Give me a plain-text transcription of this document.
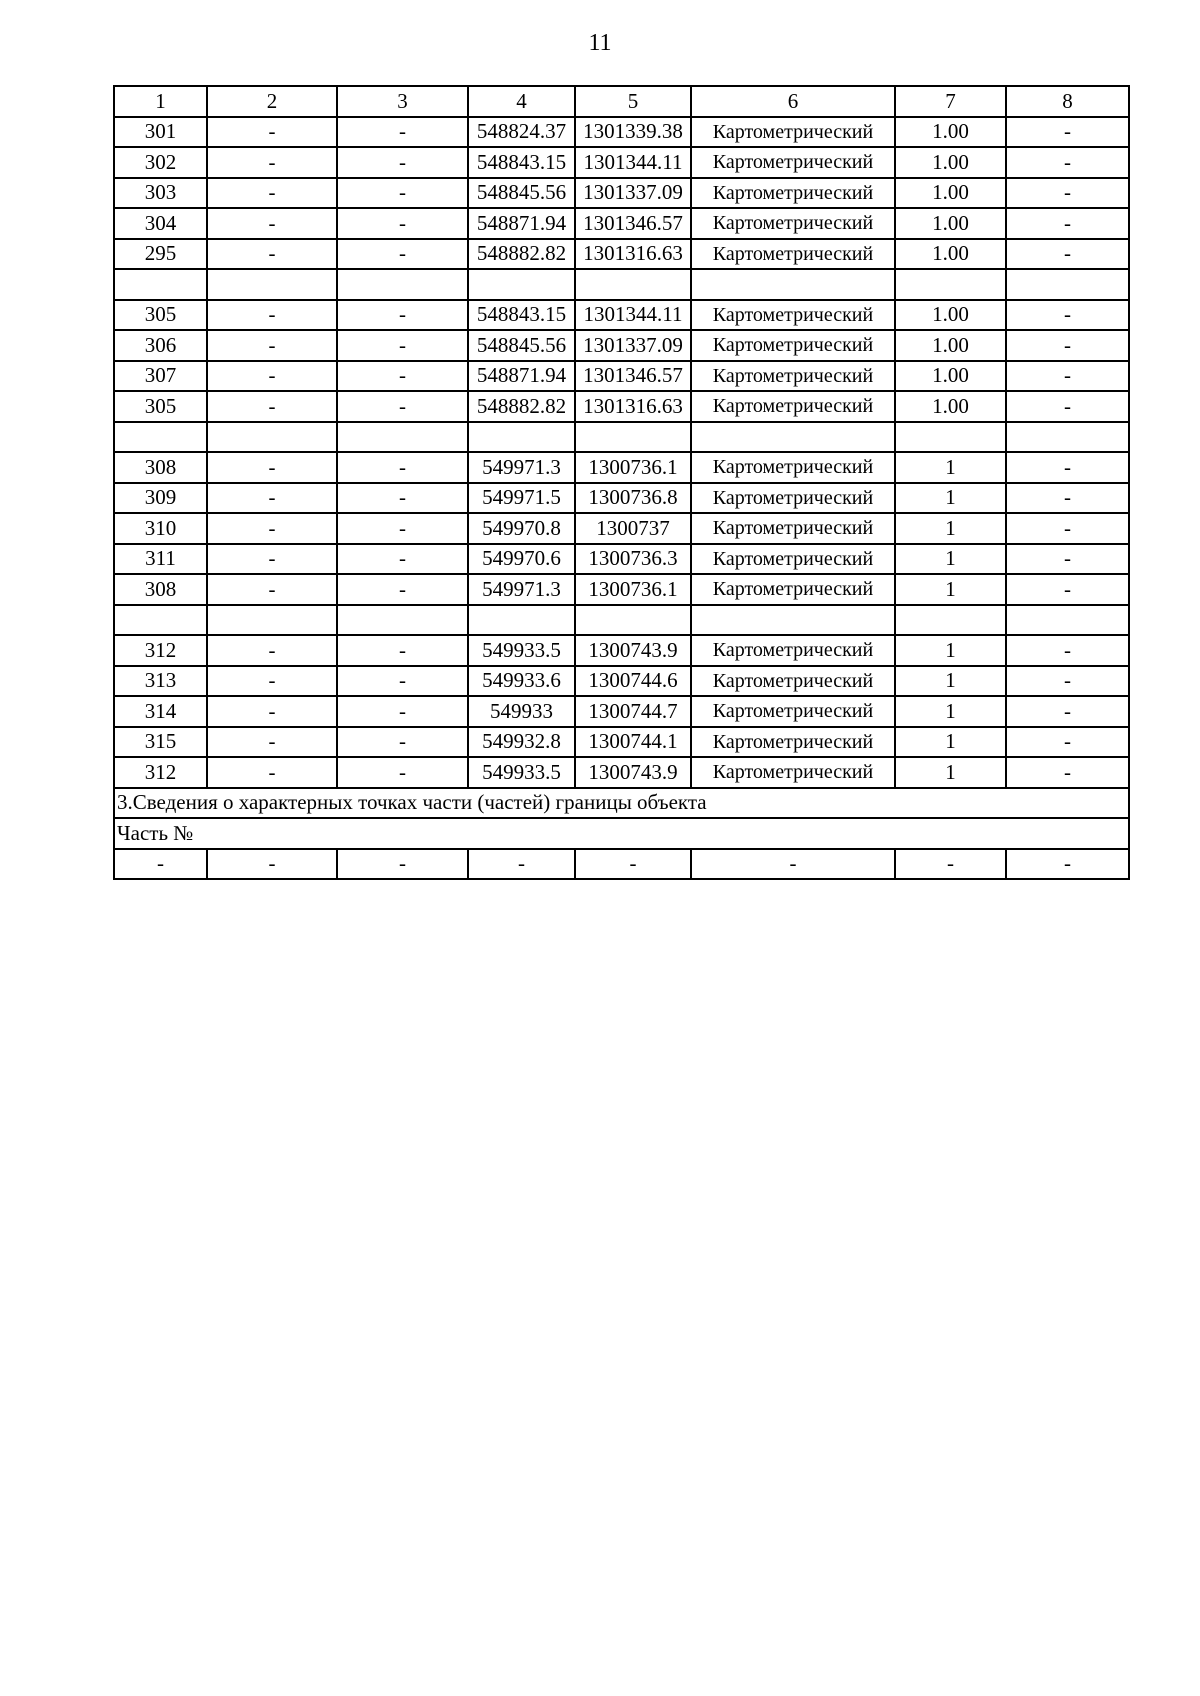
11
1	2	3	4	5	6	7	8
301	-	-	548824.37	1301339.38	Картометрический	1.00	-
302	-	-	548843.15	1301344.11	Картометрический	1.00	-
303	-	-	548845.56	1301337.09	Картометрический	1.00	-
304	-	-	548871.94	1301346.57	Картометрический	1.00	-
295	-	-	548882.82	1301316.63	Картометрический	1.00	-

305	-	-	548843.15	1301344.11	Картометрический	1.00	-
306	-	-	548845.56	1301337.09	Картометрический	1.00	-
307	-	-	548871.94	1301346.57	Картометрический	1.00	-
305	-	-	548882.82	1301316.63	Картометрический	1.00	-

308	-	-	549971.3	1300736.1	Картометрический	1	-
309	-	-	549971.5	1300736.8	Картометрический	1	-
310	-	-	549970.8	1300737	Картометрический	1	-
311	-	-	549970.6	1300736.3	Картометрический	1	-
308	-	-	549971.3	1300736.1	Картометрический	1	-

312	-	-	549933.5	1300743.9	Картометрический	1	-
313	-	-	549933.6	1300744.6	Картометрический	1	-
314	-	-	549933	1300744.7	Картометрический	1	-
315	-	-	549932.8	1300744.1	Картометрический	1	-
312	-	-	549933.5	1300743.9	Картометрический	1	-
3.Сведения о характерных точках части (частей) границы объекта							
Часть №							
-	-	-	-	-	-	-	-
